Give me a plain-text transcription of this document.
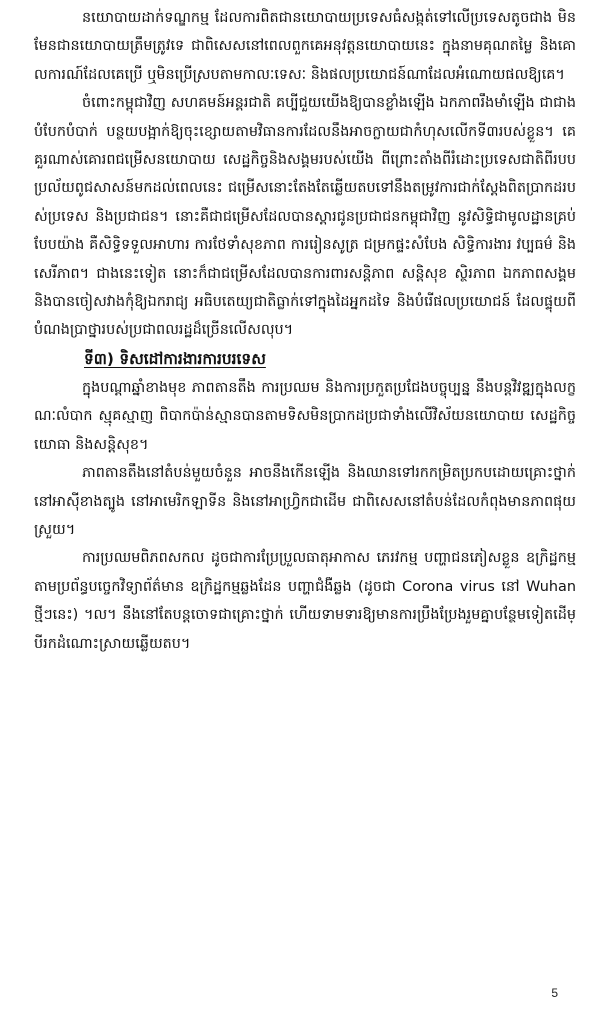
នយោបាយដាក់ទណ្ឌកម្ម ដែលការពិតជានយោបាយប្រទេសធំសង្កត់ទៅលើប្រទេសតូចជាង មិនមែនជានយោបាយត្រឹមត្រូវទេ ជាពិសេសនៅពេលពួកគេអនុវត្តនយោបាយនេះ ក្នុងនាមគុណតម្លៃ និងគោលការណ៍ដែលគេប្រើ ឬមិនប្រើស្របតាមកាលៈទេសៈ និងផលប្រយោជន៍ណាដែលអំណោយផលឱ្យគេ។

ចំពោះកម្ពុជាវិញ សហគមន៍អន្តរជាតិ គប្បីជួយយើងឱ្យបានខ្លាំងឡើង ឯកភាពរឹងមាំឡើង ជាជាងបំបែកបំបាក់ បន្ថយបង្អាក់ឱ្យចុះខ្សោយតាមវិធានការដែលនឹងអាចក្លាយជាកំហុសលើកទី៣របស់ខ្លួន។ គេគួរណាស់គោរពជម្រើសនយោបាយ សេដ្ឋកិច្ចនិងសង្គមរបស់យើង ពីព្រោះតាំងពីរំដោះប្រទេសជាតិពីរបបប្រល័យពូជសាសន៍មកដល់ពេលនេះ ជម្រើសនោះតែងតែឆ្លើយតបទៅនឹងតម្រូវការជាក់ស្តែងពិតប្រាកដរបស់ប្រទេស និងប្រជាជន។ នោះគឺជាជម្រើសដែលបានស្តារជូនប្រជាជនកម្ពុជាវិញ នូវសិទ្ធិជាមូលដ្ឋានគ្រប់បែបយ៉ាង គឺសិទ្ធិទទួលអាហារ ការថែទាំសុខភាព ការរៀនសូត្រ ជម្រកផ្ទះសំបែង សិទ្ធិការងារ វប្បធម៌ និងសេរីភាព។ ជាងនេះទៀត នោះក៏ជាជម្រើសដែលបានការពារសន្តិភាព សន្តិសុខ ស្ថិរភាព ឯកភាពសង្គម និងបានចៀសវាងកុំឱ្យឯករាជ្យ អធិបតេយ្យជាតិធ្លាក់ទៅក្នុងដៃអ្នកដទៃ និងបំរើផលប្រយោជន៍ ដែលផ្ទុយពីបំណងប្រាថ្នារបស់ប្រជាពលរដ្ឋដ៏ច្រើនលើសលុប។

ទី៣) ទិសដៅការងារការបរទេស

ក្នុងបណ្តាឆ្នាំខាងមុខ ភាពតានតឹង ការប្រឈម និងការប្រកួតប្រជែងបច្ចុប្បន្ន នឹងបន្តវិវឌ្ឍក្នុងលក្ខណៈលំបាក ស្មុគស្មាញ ពិបាកប៉ាន់ស្មានបានតាមទិសមិនប្រាកដប្រជាទាំងលើវិស័យនយោបាយ សេដ្ឋកិច្ច យោធា និងសន្តិសុខ។

ភាពតានតឹងនៅតំបន់មួយចំនួន អាចនឹងកើនឡើង និងឈានទៅរកកម្រិតប្រកបដោយគ្រោះថ្នាក់ នៅអាស៊ីខាងត្បូង នៅអាមេរិកឡាទីន និងនៅអាហ្វ្រិកជាដើម ជាពិសេសនៅតំបន់ដែលកំពុងមានភាពផុយស្រួយ។

ការប្រឈមពិភពសកល ដូចជាការប្រែប្រួលធាតុអាកាស ភេរវកម្ម បញ្ហាជនភៀសខ្លួន ឧក្រិដ្ឋកម្មតាមប្រព័ន្ធបច្ចេកវិទ្យាព័ត៌មាន ឧក្រិដ្ឋកម្មឆ្លងដែន បញ្ហាជំងឺឆ្លង (ដូចជា Corona virus នៅ Wuhan ថ្មីៗនេះ) ។ល។ នឹងនៅតែបន្តចោទជាគ្រោះថ្នាក់ ហើយទាមទារឱ្យមានការប្រឹងប្រែងរួមគ្នាបន្ថែមទៀតដើម្បីរកដំណោះស្រាយឆ្លើយតប។

5
